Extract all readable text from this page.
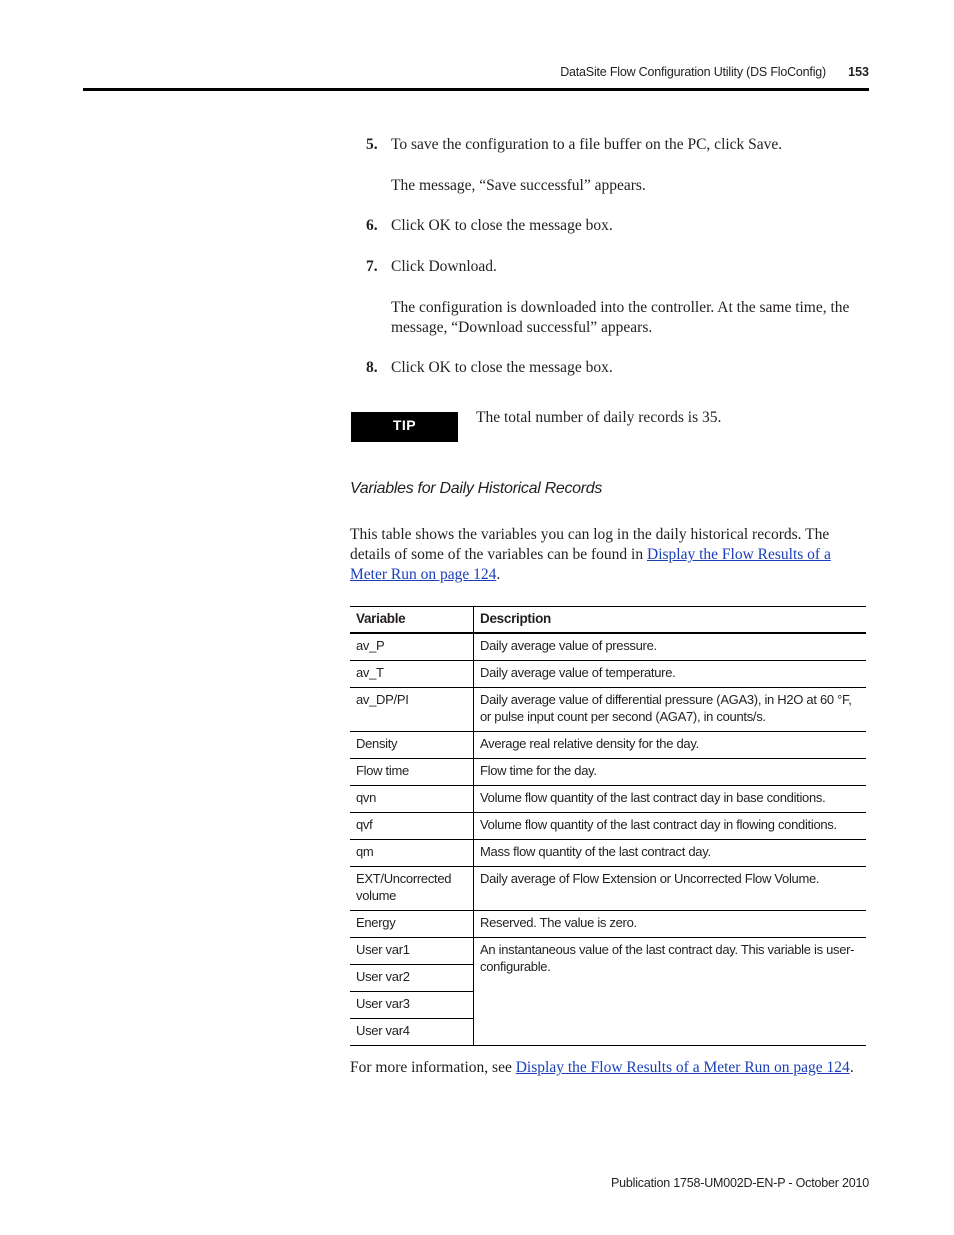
DataSite Flow Configuration Utility (DS FloConfig) 153
5. To save the configuration to a file buffer on the PC, click Save.
The message, “Save successful” appears.
6. Click OK to close the message box.
7. Click Download.
The configuration is downloaded into the controller. At the same time, the message, “Download successful” appears.
8. Click OK to close the message box.
TIP	The total number of daily records is 35.
Variables for Daily Historical Records
This table shows the variables you can log in the daily historical records. The details of some of the variables can be found in Display the Flow Results of a Meter Run on page 124.
Variable	Description
av_P	Daily average value of pressure.
av_T	Daily average value of temperature.
av_DP/PI	Daily average value of differential pressure (AGA3), in H2O at 60 °F, or pulse input count per second (AGA7), in counts/s.
Density	Average real relative density for the day.
Flow time	Flow time for the day.
qvn	Volume flow quantity of the last contract day in base conditions.
qvf	Volume flow quantity of the last contract day in flowing conditions.
qm	Mass flow quantity of the last contract day.
EXT/Uncorrected volume	Daily average of Flow Extension or Uncorrected Flow Volume.
Energy	Reserved. The value is zero.
User var1	An instantaneous value of the last contract day. This variable is user-configurable.
User var2	
User var3	
User var4	
For more information, see Display the Flow Results of a Meter Run on page 124.
Publication 1758-UM002D-EN-P - October 2010
